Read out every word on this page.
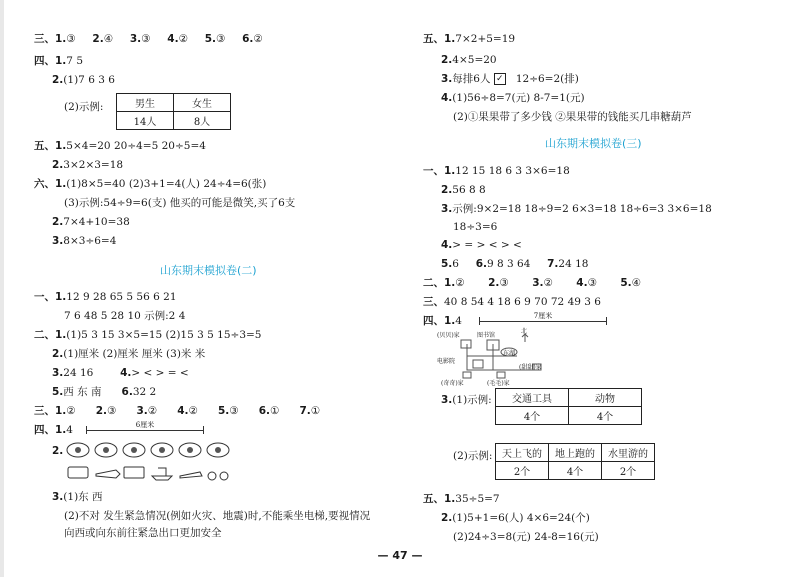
三、1.③ 2.④ 3.③ 4.② 5.③ 6.②
四、1.7 5
2.(1)7 6 3 6
(2)示例:	男生	女生
14人	8人
五、1.5×4=20 20÷4=5 20÷5=4
2.3×2×3=18
六、1.(1)8×5=40 (2)3+1=4(人) 24÷4=6(张)
(3)示例:54÷9=6(支) 他买的可能是微笑,买了6支
2.7×4+10=38
3.8×3÷6=4
山东期末模拟卷(二)
一、1.12 9 28 65 5 56 6 21
7 6 48 5 28 10 示例:2 4
二、1.(1)5 3 15 3×5=15 (2)15 3 5 15÷3=5
2.(1)厘米 (2)厘米 厘米 (3)米 米
3.24 16	4.> < > = <
5.西 东 南 6.32 2
三、1.② 2.③ 3.② 4.② 5.③ 6.① 7.①
四、1.4	6厘米
2.
3.(1)东 西
(2)不对 发生紧急情况(例如火灾、地震)时,不能乘坐电梯,要视情况
向西或向东前往紧急出口更加安全
五、1.7×2+5=19
2.4×5=20
3.每排6人 ✓ 12÷6=2(排)
4.(1)56÷8=7(元) 8-7=1(元)
(2)①果果带了多少钱 ②果果带的钱能买几串糖葫芦
山东期末模拟卷(三)
一、1.12 15 18 6 3 3×6=18
2.56 8 8
3.示例:9×2=18 18÷9=2 6×3=18 18÷6=3 3×6=18
18÷3=6
4.> = > < > <
5.6 6.9 8 3 64 7.24 18
二、1.② 2.③ 3.② 4.③ 5.④
三、40 8 54 4 18 6 9 70 72 49 3 6
四、1.4	7厘米
(贝贝)家	图书馆
北
电影院
东湖
(甜甜)家
(奇奇)家	(毛毛)家
3.(1)示例: 交通工具	动物
4个	4个
(2)示例: 天上飞的	地上跑的	水里游的
2个	4个	2个
五、1.35÷5=7
2.(1)5+1=6(人) 4×6=24(个)
(2)24÷3=8(元) 24-8=16(元)
— 47 —
